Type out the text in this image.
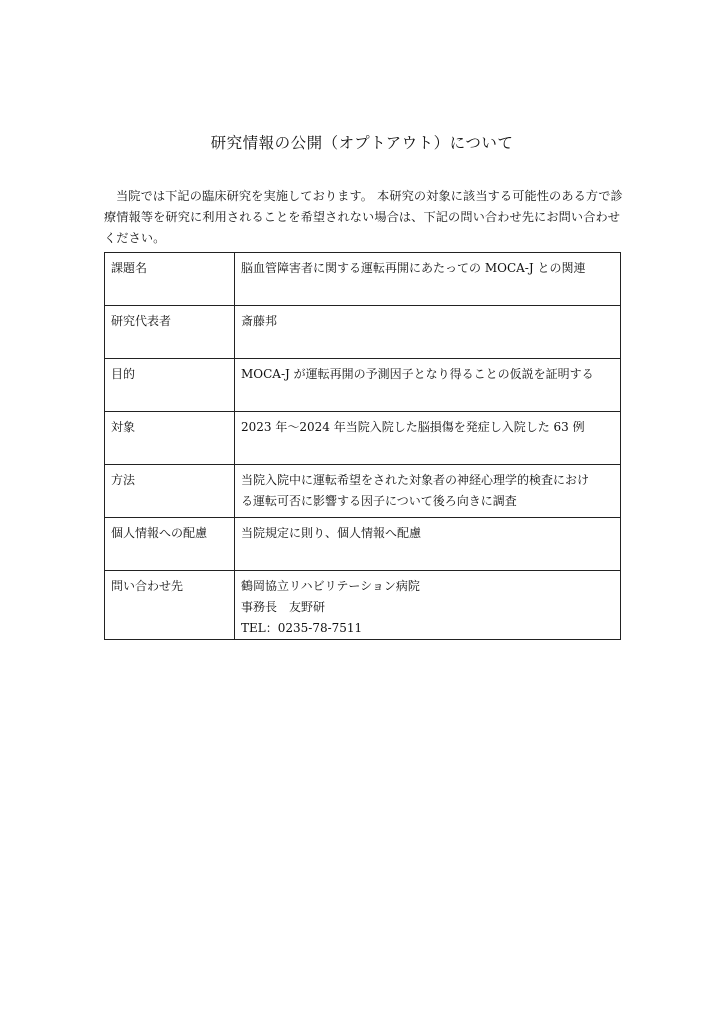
研究情報の公開（オプトアウト）について
当院では下記の臨床研究を実施しております。 本研究の対象に該当する可能性のある方で診療情報等を研究に利用されることを希望されない場合は、下記の問い合わせ先にお問い合わせください。
課題名	脳血管障害者に関する運転再開にあたっての MOCA-J との関連

研究代表者	斎藤邦

目的	MOCA-J が運転再開の予測因子となり得ることの仮説を証明する

対象	2023 年～2024 年当院入院した脳損傷を発症し入院した 63 例

方法	当院入院中に運転希望をされた対象者の神経心理学的検査におけ
る運転可否に影響する因子について後ろ向きに調査

個人情報への配慮	当院規定に則り、個人情報へ配慮

問い合わせ先	鶴岡協立リハビリテーション病院
事務長　友野研
TEL：0235-78-7511
